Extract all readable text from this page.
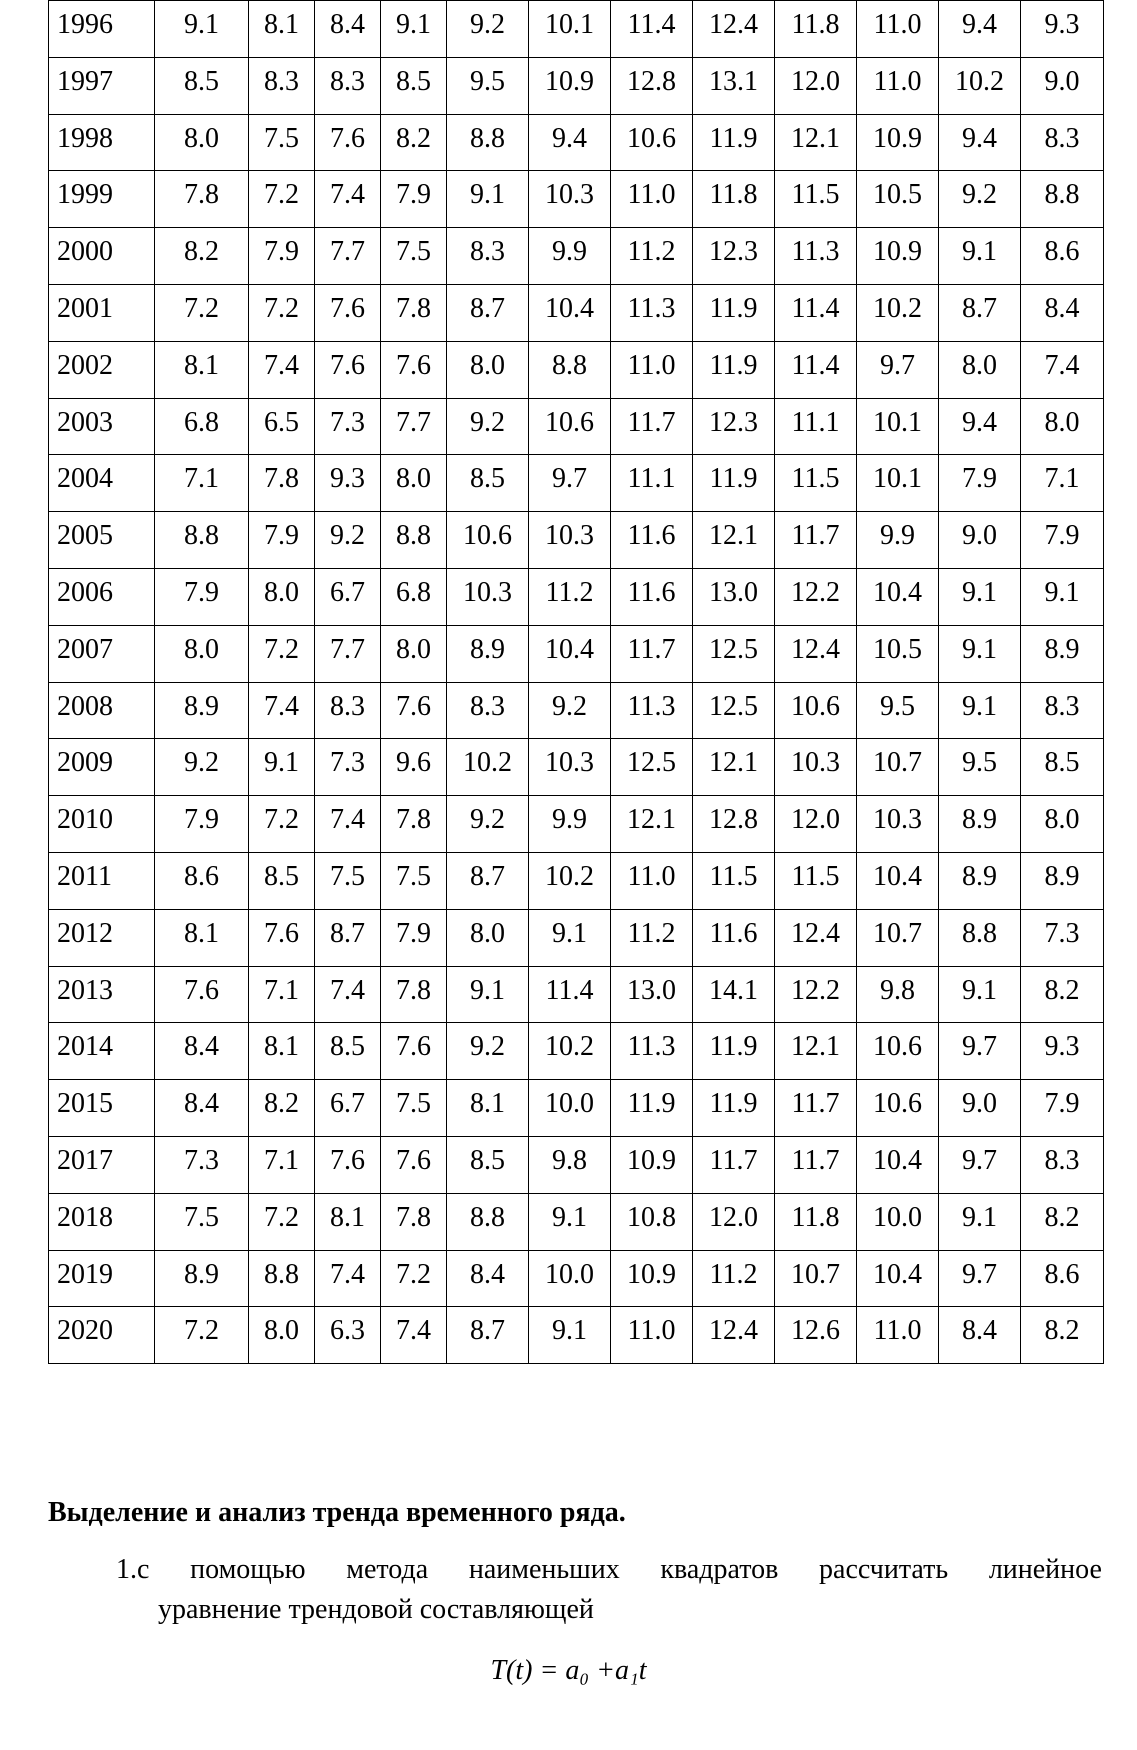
1996	9.1	8.1	8.4	9.1	9.2	10.1	11.4	12.4	11.8	11.0	9.4	9.3
1997	8.5	8.3	8.3	8.5	9.5	10.9	12.8	13.1	12.0	11.0	10.2	9.0
1998	8.0	7.5	7.6	8.2	8.8	9.4	10.6	11.9	12.1	10.9	9.4	8.3
1999	7.8	7.2	7.4	7.9	9.1	10.3	11.0	11.8	11.5	10.5	9.2	8.8
2000	8.2	7.9	7.7	7.5	8.3	9.9	11.2	12.3	11.3	10.9	9.1	8.6
2001	7.2	7.2	7.6	7.8	8.7	10.4	11.3	11.9	11.4	10.2	8.7	8.4
2002	8.1	7.4	7.6	7.6	8.0	8.8	11.0	11.9	11.4	9.7	8.0	7.4
2003	6.8	6.5	7.3	7.7	9.2	10.6	11.7	12.3	11.1	10.1	9.4	8.0
2004	7.1	7.8	9.3	8.0	8.5	9.7	11.1	11.9	11.5	10.1	7.9	7.1
2005	8.8	7.9	9.2	8.8	10.6	10.3	11.6	12.1	11.7	9.9	9.0	7.9
2006	7.9	8.0	6.7	6.8	10.3	11.2	11.6	13.0	12.2	10.4	9.1	9.1
2007	8.0	7.2	7.7	8.0	8.9	10.4	11.7	12.5	12.4	10.5	9.1	8.9
2008	8.9	7.4	8.3	7.6	8.3	9.2	11.3	12.5	10.6	9.5	9.1	8.3
2009	9.2	9.1	7.3	9.6	10.2	10.3	12.5	12.1	10.3	10.7	9.5	8.5
2010	7.9	7.2	7.4	7.8	9.2	9.9	12.1	12.8	12.0	10.3	8.9	8.0
2011	8.6	8.5	7.5	7.5	8.7	10.2	11.0	11.5	11.5	10.4	8.9	8.9
2012	8.1	7.6	8.7	7.9	8.0	9.1	11.2	11.6	12.4	10.7	8.8	7.3
2013	7.6	7.1	7.4	7.8	9.1	11.4	13.0	14.1	12.2	9.8	9.1	8.2
2014	8.4	8.1	8.5	7.6	9.2	10.2	11.3	11.9	12.1	10.6	9.7	9.3
2015	8.4	8.2	6.7	7.5	8.1	10.0	11.9	11.9	11.7	10.6	9.0	7.9
2017	7.3	7.1	7.6	7.6	8.5	9.8	10.9	11.7	11.7	10.4	9.7	8.3
2018	7.5	7.2	8.1	7.8	8.8	9.1	10.8	12.0	11.8	10.0	9.1	8.2
2019	8.9	8.8	7.4	7.2	8.4	10.0	10.9	11.2	10.7	10.4	9.7	8.6
2020	7.2	8.0	6.3	7.4	8.7	9.1	11.0	12.4	12.6	11.0	8.4	8.2

Выделение и анализ тренда временного ряда.

1.с помощью метода наименьших квадратов рассчитать линейное
уравнение трендовой составляющей
T(t) = a₀ +a₁t
